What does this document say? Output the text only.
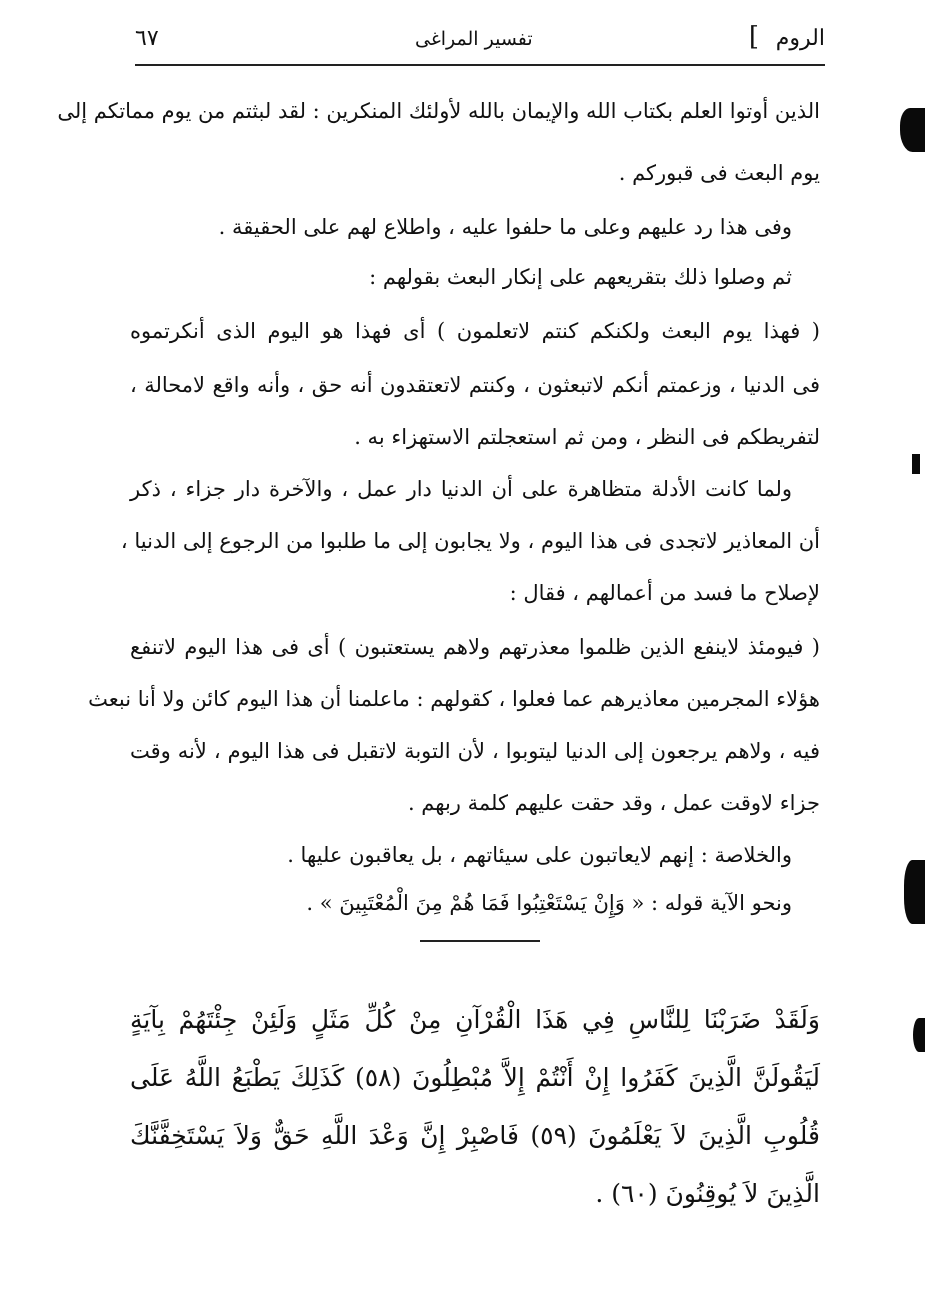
الروم
]
تفسير المراغى
٦٧
الذين أوتوا العلم بكتاب الله والإيمان بالله لأولئك المنكرين : لقد لبثتم من يوم مماتكم إلى
يوم البعث فى قبوركم .
وفى هذا رد عليهم وعلى ما حلفوا عليه ، واطلاع لهم على الحقيقة .
ثم وصلوا ذلك بتقريعهم على إنكار البعث بقولهم :
( فهذا يوم البعث ولكنكم كنتم لاتعلمون ) أى فهذا هو اليوم الذى أنكرتموه
فى الدنيا ، وزعمتم أنكم لاتبعثون ، وكنتم لاتعتقدون أنه حق ، وأنه واقع لامحالة ،
لتفريطكم فى النظر ، ومن ثم استعجلتم الاستهزاء به .
ولما كانت الأدلة متظاهرة على أن الدنيا دار عمل ، والآخرة دار جزاء ، ذكر
أن المعاذير لاتجدى فى هذا اليوم ، ولا يجابون إلى ما طلبوا من الرجوع إلى الدنيا ،
لإصلاح ما فسد من أعمالهم ، فقال :
( فيومئذ لاينفع الذين ظلموا معذرتهم ولاهم يستعتبون ) أى فى هذا اليوم لاتنفع
هؤلاء المجرمين معاذيرهم عما فعلوا ، كقولهم : ماعلمنا أن هذا اليوم كائن ولا أنا نبعث
فيه ، ولاهم يرجعون إلى الدنيا ليتوبوا ، لأن التوبة لاتقبل فى هذا اليوم ، لأنه وقت
جزاء لاوقت عمل ، وقد حقت عليهم كلمة ربهم .
والخلاصة : إنهم لايعاتبون على سيئاتهم ، بل يعاقبون عليها .
ونحو الآية قوله : « وَإِنْ يَسْتَعْتِبُوا فَمَا هُمْ مِنَ الْمُعْتَبِينَ » .
وَلَقَدْ ضَرَبْنَا لِلنَّاسِ فِي هَذَا الْقُرْآنِ مِنْ كُلِّ مَثَلٍ وَلَئِنْ جِئْتَهُمْ بِآيَةٍ
لَيَقُولَنَّ الَّذِينَ كَفَرُوا إِنْ أَنْتُمْ إِلاَّ مُبْطِلُونَ (٥٨) كَذَلِكَ يَطْبَعُ اللَّهُ عَلَى
قُلُوبِ الَّذِينَ لاَ يَعْلَمُونَ (٥٩) فَاصْبِرْ إِنَّ وَعْدَ اللَّهِ حَقٌّ وَلاَ يَسْتَخِفَّنَّكَ
الَّذِينَ لاَ يُوقِنُونَ (٦٠) .
